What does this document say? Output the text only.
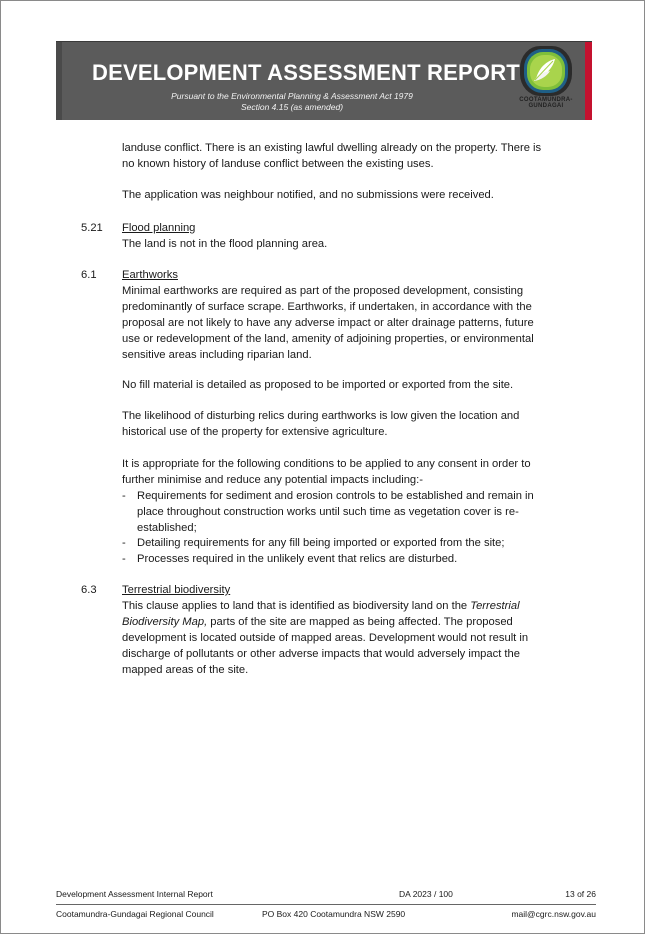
DEVELOPMENT ASSESSMENT REPORT
Pursuant to the Environmental Planning & Assessment Act 1979
Section 4.15 (as amended)
COOTAMUNDRA-
GUNDAGAI
landuse conflict. There is an existing lawful dwelling already on the property. There is
no known history of landuse conflict between the existing uses.
The application was neighbour notified, and no submissions were received.
5.21 Flood planning
The land is not in the flood planning area.
6.1 Earthworks
Minimal earthworks are required as part of the proposed development, consisting
predominantly of surface scrape. Earthworks, if undertaken, in accordance with the
proposal are not likely to have any adverse impact or alter drainage patterns, future
use or redevelopment of the land, amenity of adjoining properties, or environmental
sensitive areas including riparian land.
No fill material is detailed as proposed to be imported or exported from the site.
The likelihood of disturbing relics during earthworks is low given the location and
historical use of the property for extensive agriculture.
It is appropriate for the following conditions to be applied to any consent in order to
further minimise and reduce any potential impacts including:-
- Requirements for sediment and erosion controls to be established and remain in
place throughout construction works until such time as vegetation cover is re-
established;
- Detailing requirements for any fill being imported or exported from the site;
- Processes required in the unlikely event that relics are disturbed.
6.3 Terrestrial biodiversity
This clause applies to land that is identified as biodiversity land on the Terrestrial
Biodiversity Map, parts of the site are mapped as being affected. The proposed
development is located outside of mapped areas. Development would not result in
discharge of pollutants or other adverse impacts that would adversely impact the
mapped areas of the site.
Development Assessment Internal Report	DA 2023 / 100	13 of 26
Cootamundra-Gundagai Regional Council	PO Box 420 Cootamundra NSW 2590	mail@cgrc.nsw.gov.au
